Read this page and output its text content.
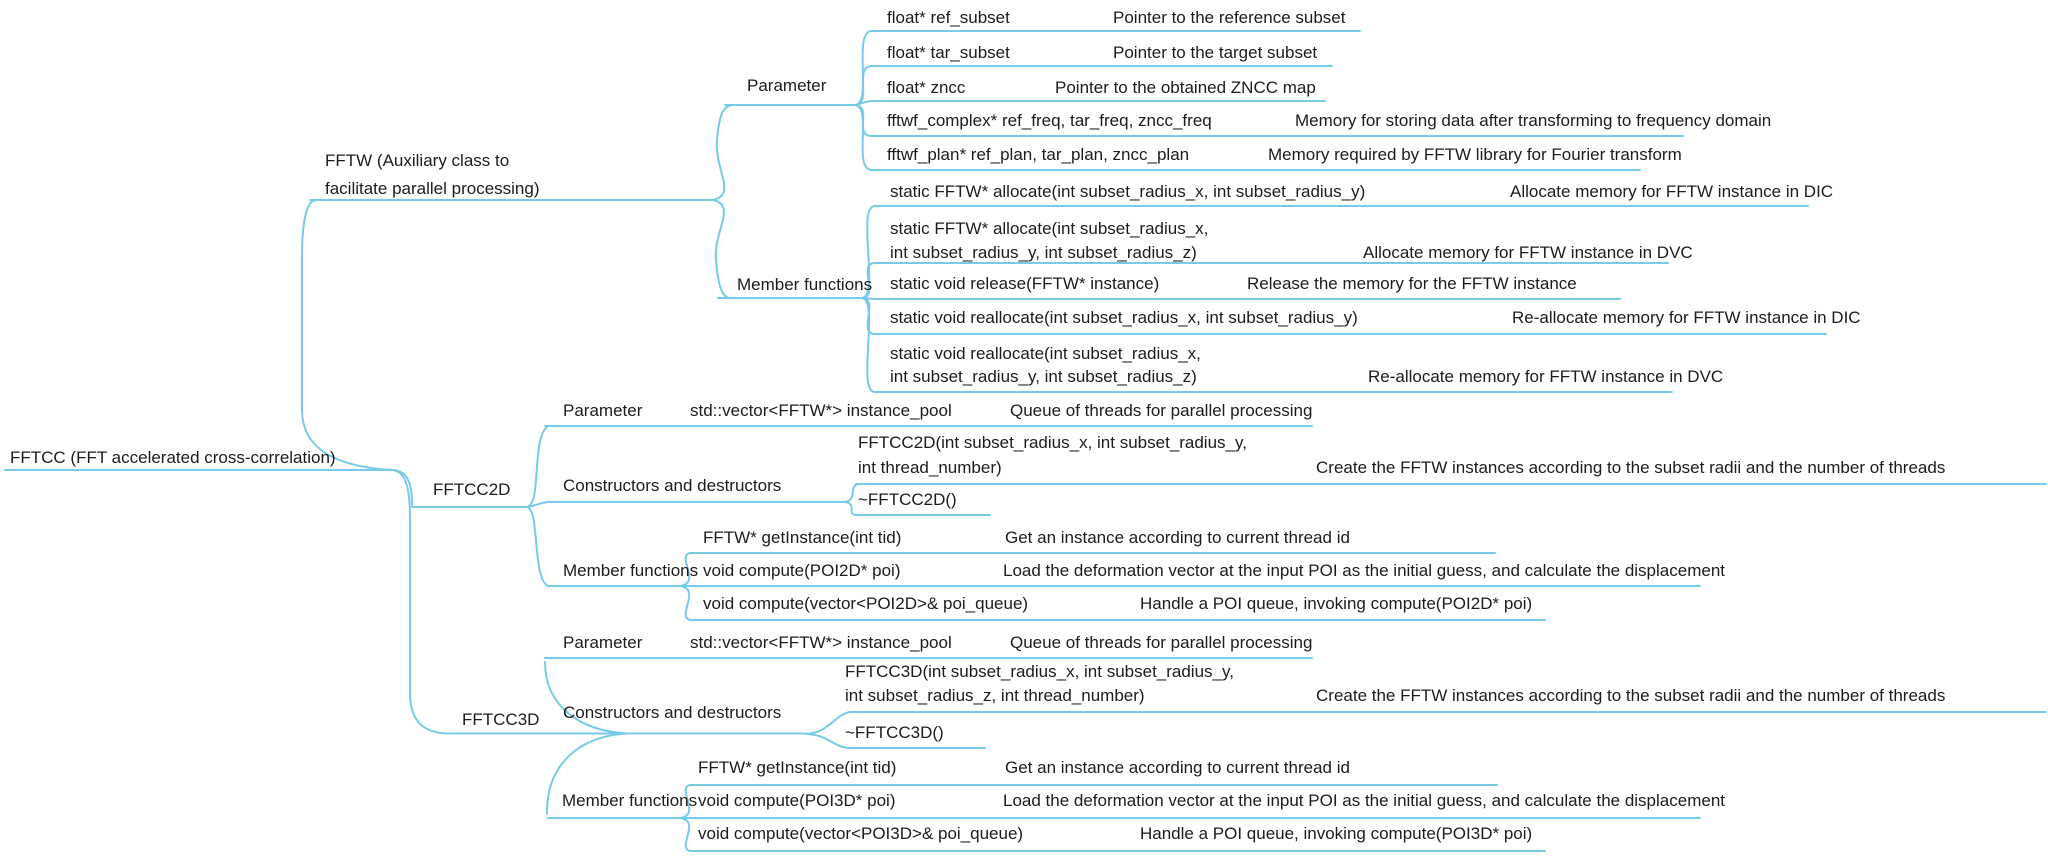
FFTCC (FFT accelerated cross-correlation)
FFTW (Auxiliary class to
facilitate parallel processing)
Parameter
float* ref_subset	Pointer to the reference subset
float* tar_subset	Pointer to the target subset
float* zncc	Pointer to the obtained ZNCC map
fftwf_complex* ref_freq, tar_freq, zncc_freq	Memory for storing data after transforming to frequency domain
fftwf_plan* ref_plan, tar_plan, zncc_plan	Memory required by FFTW library for Fourier transform
Member functions
static FFTW* allocate(int subset_radius_x, int subset_radius_y)	Allocate memory for FFTW instance in DIC
static FFTW* allocate(int subset_radius_x,
int subset_radius_y, int subset_radius_z)	Allocate memory for FFTW instance in DVC
static void release(FFTW* instance)	Release the memory for the FFTW instance
static void reallocate(int subset_radius_x, int subset_radius_y)	Re-allocate memory for FFTW instance in DIC
static void reallocate(int subset_radius_x,
int subset_radius_y, int subset_radius_z)	Re-allocate memory for FFTW instance in DVC
FFTCC2D
Parameter	std::vector<FFTW*> instance_pool	Queue of threads for parallel processing
Constructors and destructors
FFTCC2D(int subset_radius_x, int subset_radius_y,
int thread_number)	Create the FFTW instances according to the subset radii and the number of threads
~FFTCC2D()
Member functions
FFTW* getInstance(int tid)	Get an instance according to current thread id
void compute(POI2D* poi)	Load the deformation vector at the input POI as the initial guess, and calculate the displacement
void compute(vector<POI2D>& poi_queue)	Handle a POI queue, invoking compute(POI2D* poi)
FFTCC3D
Parameter	std::vector<FFTW*> instance_pool	Queue of threads for parallel processing
Constructors and destructors
FFTCC3D(int subset_radius_x, int subset_radius_y,
int subset_radius_z, int thread_number)	Create the FFTW instances according to the subset radii and the number of threads
~FFTCC3D()
Member functions
FFTW* getInstance(int tid)	Get an instance according to current thread id
void compute(POI3D* poi)	Load the deformation vector at the input POI as the initial guess, and calculate the displacement
void compute(vector<POI3D>& poi_queue)	Handle a POI queue, invoking compute(POI3D* poi)
